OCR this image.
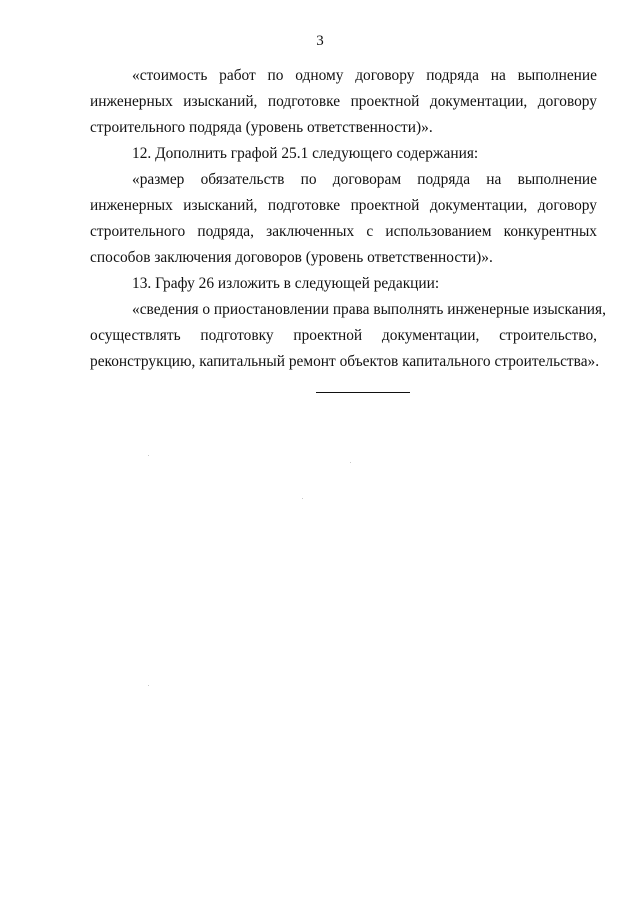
3
«стоимость работ по одному договору подряда на выполнение
инженерных изысканий, подготовке проектной документации, договору
строительного подряда (уровень ответственности)».
12. Дополнить графой 25.1 следующего содержания:
«размер обязательств по договорам подряда на выполнение
инженерных изысканий, подготовке проектной документации, договору
строительного подряда, заключенных с использованием конкурентных
способов заключения договоров (уровень ответственности)».
13. Графу 26 изложить в следующей редакции:
«сведения о приостановлении права выполнять инженерные изыскания,
осуществлять подготовку проектной документации, строительство,
реконструкцию, капитальный ремонт объектов капитального строительства».
